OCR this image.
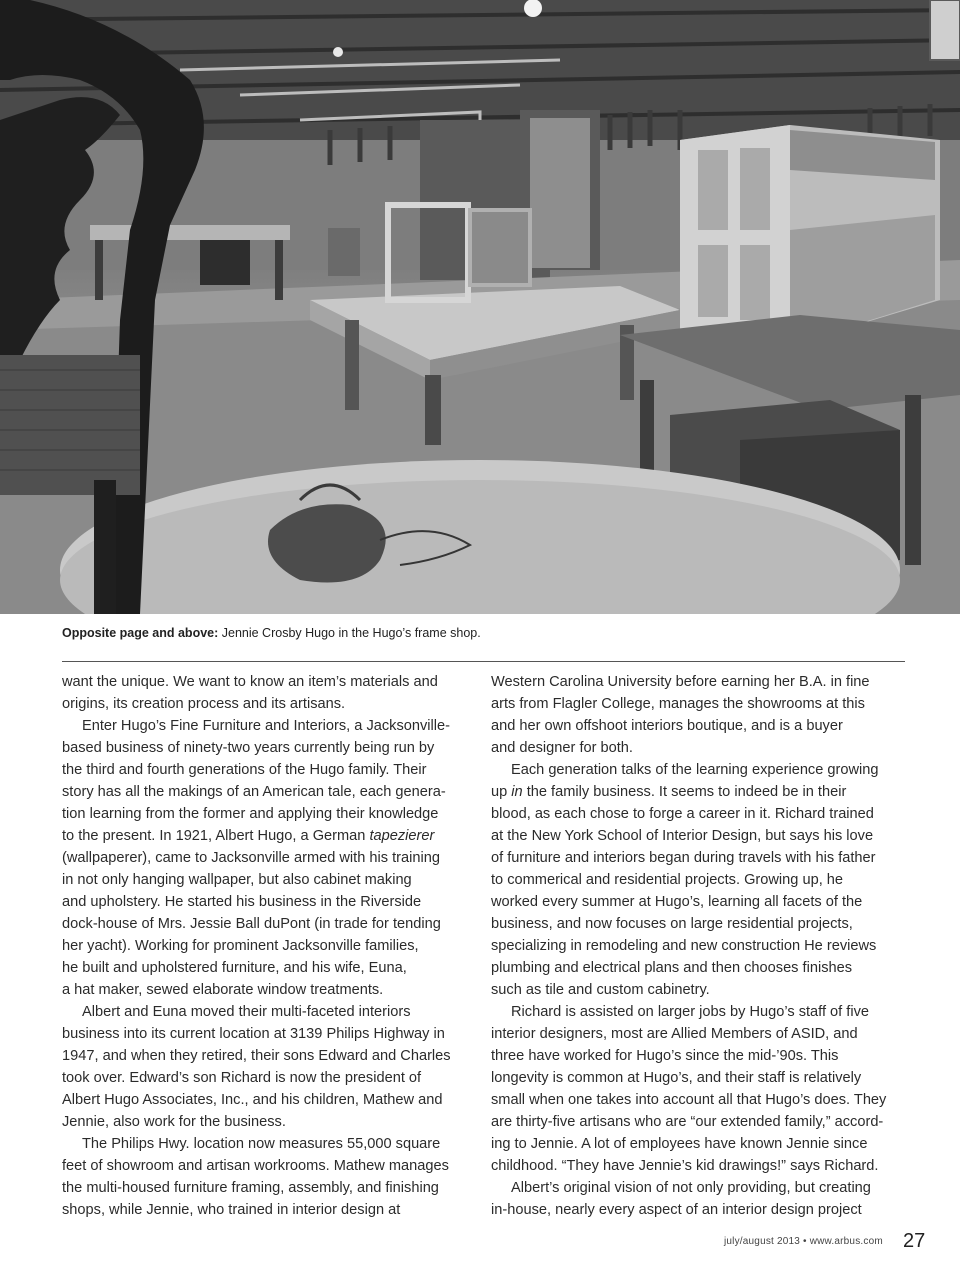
Opposite page and above: Jennie Crosby Hugo in the Hugo’s frame shop.
want the unique. We want to know an item’s materials and
origins, its creation process and its artisans.
Enter Hugo’s Fine Furniture and Interiors, a Jacksonville-
based business of ninety-two years currently being run by
the third and fourth generations of the Hugo family. Their
story has all the makings of an American tale, each genera-
tion learning from the former and applying their knowledge
to the present. In 1921, Albert Hugo, a German tapezierer
(wallpaperer), came to Jacksonville armed with his training
in not only hanging wallpaper, but also cabinet making
and upholstery. He started his business in the Riverside
dock-house of Mrs. Jessie Ball duPont (in trade for tending
her yacht). Working for prominent Jacksonville families,
he built and upholstered furniture, and his wife, Euna,
a hat maker, sewed elaborate window treatments.
Albert and Euna moved their multi-faceted interiors
business into its current location at 3139 Philips Highway in
1947, and when they retired, their sons Edward and Charles
took over. Edward’s son Richard is now the president of
Albert Hugo Associates, Inc., and his children, Mathew and
Jennie, also work for the business.
The Philips Hwy. location now measures 55,000 square
feet of showroom and artisan workrooms. Mathew manages
the multi-housed furniture framing, assembly, and finishing
shops, while Jennie, who trained in interior design at
Western Carolina University before earning her B.A. in fine
arts from Flagler College, manages the showrooms at this
and her own offshoot interiors boutique, and is a buyer
and designer for both.
Each generation talks of the learning experience growing
up in the family business. It seems to indeed be in their
blood, as each chose to forge a career in it. Richard trained
at the New York School of Interior Design, but says his love
of furniture and interiors began during travels with his father
to commerical and residential projects. Growing up, he
worked every summer at Hugo’s, learning all facets of the
business, and now focuses on large residential projects,
specializing in remodeling and new construction He reviews
plumbing and electrical plans and then chooses finishes
such as tile and custom cabinetry.
Richard is assisted on larger jobs by Hugo’s staff of five
interior designers, most are Allied Members of ASID, and
three have worked for Hugo’s since the mid-’90s. This
longevity is common at Hugo’s, and their staff is relatively
small when one takes into account all that Hugo’s does. They
are thirty-five artisans who are “our extended family,” accord-
ing to Jennie. A lot of employees have known Jennie since
childhood. “They have Jennie’s kid drawings!” says Richard.
Albert’s original vision of not only providing, but creating
in-house, nearly every aspect of an interior design project
july/august 2013 • www.arbus.com 27
